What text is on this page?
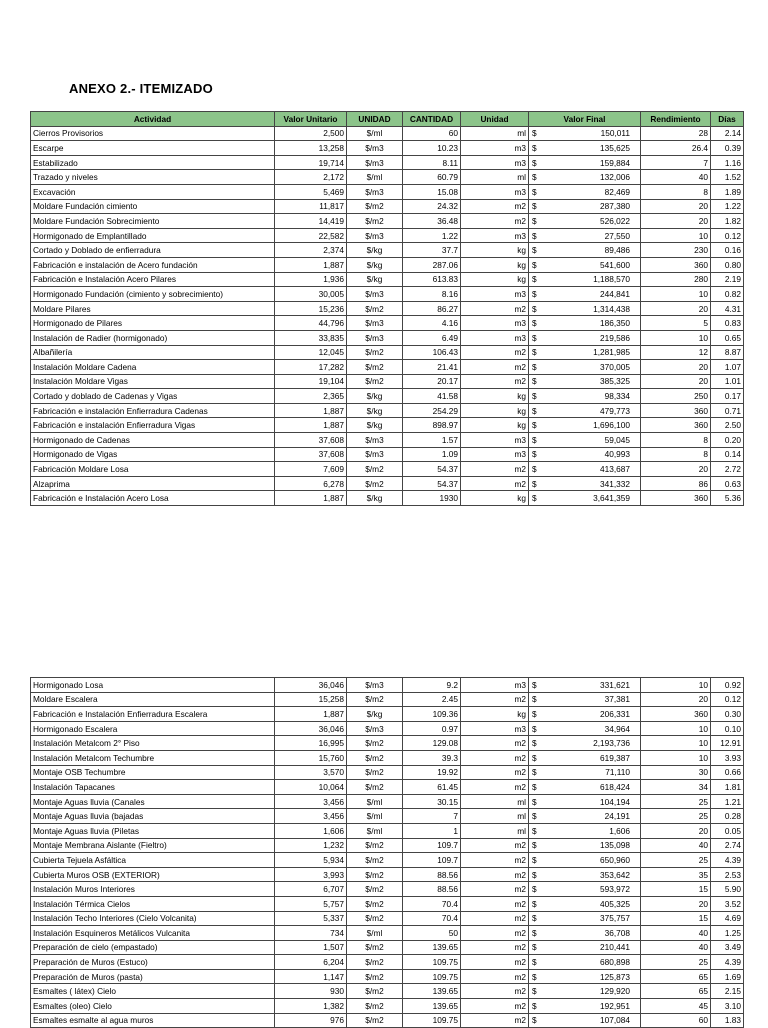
ANEXO 2.- ITEMIZADO
Actividad	Valor Unitario	UNIDAD	CANTIDAD	Unidad	Valor Final		Rendimiento	Días
Cierros Provisorios	2,500	$/ml	60	ml	$	150,011	28	2.14
Escarpe	13,258	$/m3	10.23	m3	$	135,625	26.4	0.39
Estabilizado	19,714	$/m3	8.11	m3	$	159,884	7	1.16
Trazado y niveles	2,172	$/ml	60.79	ml	$	132,006	40	1.52
Excavación	5,469	$/m3	15.08	m3	$	82,469	8	1.89
Moldare Fundación cimiento	11,817	$/m2	24.32	m2	$	287,380	20	1.22
Moldare Fundación Sobrecimiento	14,419	$/m2	36.48	m2	$	526,022	20	1.82
Hormigonado de Emplantillado	22,582	$/m3	1.22	m3	$	27,550	10	0.12
Cortado y Doblado de enfierradura	2,374	$/kg	37.7	kg	$	89,486	230	0.16
Fabricación e instalación de Acero fundación	1,887	$/kg	287.06	kg	$	541,600	360	0.80
Fabricación e Instalación Acero Pilares	1,936	$/kg	613.83	kg	$	1,188,570	280	2.19
Hormigonado Fundación (cimiento y sobrecimiento)	30,005	$/m3	8.16	m3	$	244,841	10	0.82
Moldare Pilares	15,236	$/m2	86.27	m2	$	1,314,438	20	4.31
Hormigonado de Pilares	44,796	$/m3	4.16	m3	$	186,350	5	0.83
Instalación de Radier (hormigonado)	33,835	$/m3	6.49	m3	$	219,586	10	0.65
Albañilería	12,045	$/m2	106.43	m2	$	1,281,985	12	8.87
Instalación Moldare Cadena	17,282	$/m2	21.41	m2	$	370,005	20	1.07
Instalación Moldare Vigas	19,104	$/m2	20.17	m2	$	385,325	20	1.01
Cortado y doblado de Cadenas y Vigas	2,365	$/kg	41.58	kg	$	98,334	250	0.17
Fabricación e instalación Enfierradura Cadenas	1,887	$/kg	254.29	kg	$	479,773	360	0.71
Fabricación e instalación Enfierradura Vigas	1,887	$/kg	898.97	kg	$	1,696,100	360	2.50
Hormigonado de Cadenas	37,608	$/m3	1.57	m3	$	59,045	8	0.20
Hormigonado de Vigas	37,608	$/m3	1.09	m3	$	40,993	8	0.14
Fabricación Moldare Losa	7,609	$/m2	54.37	m2	$	413,687	20	2.72
Alzaprima	6,278	$/m2	54.37	m2	$	341,332	86	0.63
Fabricación e Instalación Acero Losa	1,887	$/kg	1930	kg	$	3,641,359	360	5.36
Hormigonado Losa	36,046	$/m3	9.2	m3	$	331,621	10	0.92
Moldare Escalera	15,258	$/m2	2.45	m2	$	37,381	20	0.12
Fabricación e Instalación Enfierradura Escalera	1,887	$/kg	109.36	kg	$	206,331	360	0.30
Hormigonado Escalera	36,046	$/m3	0.97	m3	$	34,964	10	0.10
Instalación Metalcom 2° Piso	16,995	$/m2	129.08	m2	$	2,193,736	10	12.91
Instalación Metalcom Techumbre	15,760	$/m2	39.3	m2	$	619,387	10	3.93
Montaje OSB Techumbre	3,570	$/m2	19.92	m2	$	71,110	30	0.66
Instalación Tapacanes	10,064	$/m2	61.45	m2	$	618,424	34	1.81
Montaje Aguas lluvia (Canales	3,456	$/ml	30.15	ml	$	104,194	25	1.21
Montaje Aguas lluvia (bajadas	3,456	$/ml	7	ml	$	24,191	25	0.28
Montaje Aguas lluvia (Piletas	1,606	$/ml	1	ml	$	1,606	20	0.05
Montaje Membrana Aislante (Fieltro)	1,232	$/m2	109.7	m2	$	135,098	40	2.74
Cubierta Tejuela Asfáltica	5,934	$/m2	109.7	m2	$	650,960	25	4.39
Cubierta Muros OSB (EXTERIOR)	3,993	$/m2	88.56	m2	$	353,642	35	2.53
Instalación Muros Interiores	6,707	$/m2	88.56	m2	$	593,972	15	5.90
Instalación Térmica Cielos	5,757	$/m2	70.4	m2	$	405,325	20	3.52
Instalación Techo Interiores (Cielo Volcanita)	5,337	$/m2	70.4	m2	$	375,757	15	4.69
Instalación Esquineros Metálicos Vulcanita	734	$/ml	50	m2	$	36,708	40	1.25
Preparación de cielo (empastado)	1,507	$/m2	139.65	m2	$	210,441	40	3.49
Preparación de Muros (Estuco)	6,204	$/m2	109.75	m2	$	680,898	25	4.39
Preparación de Muros (pasta)	1,147	$/m2	109.75	m2	$	125,873	65	1.69
Esmaltes ( látex) Cielo	930	$/m2	139.65	m2	$	129,920	65	2.15
Esmaltes (oleo) Cielo	1,382	$/m2	139.65	m2	$	192,951	45	3.10
Esmaltes esmalte al agua muros	976	$/m2	109.75	m2	$	107,084	60	1.83
